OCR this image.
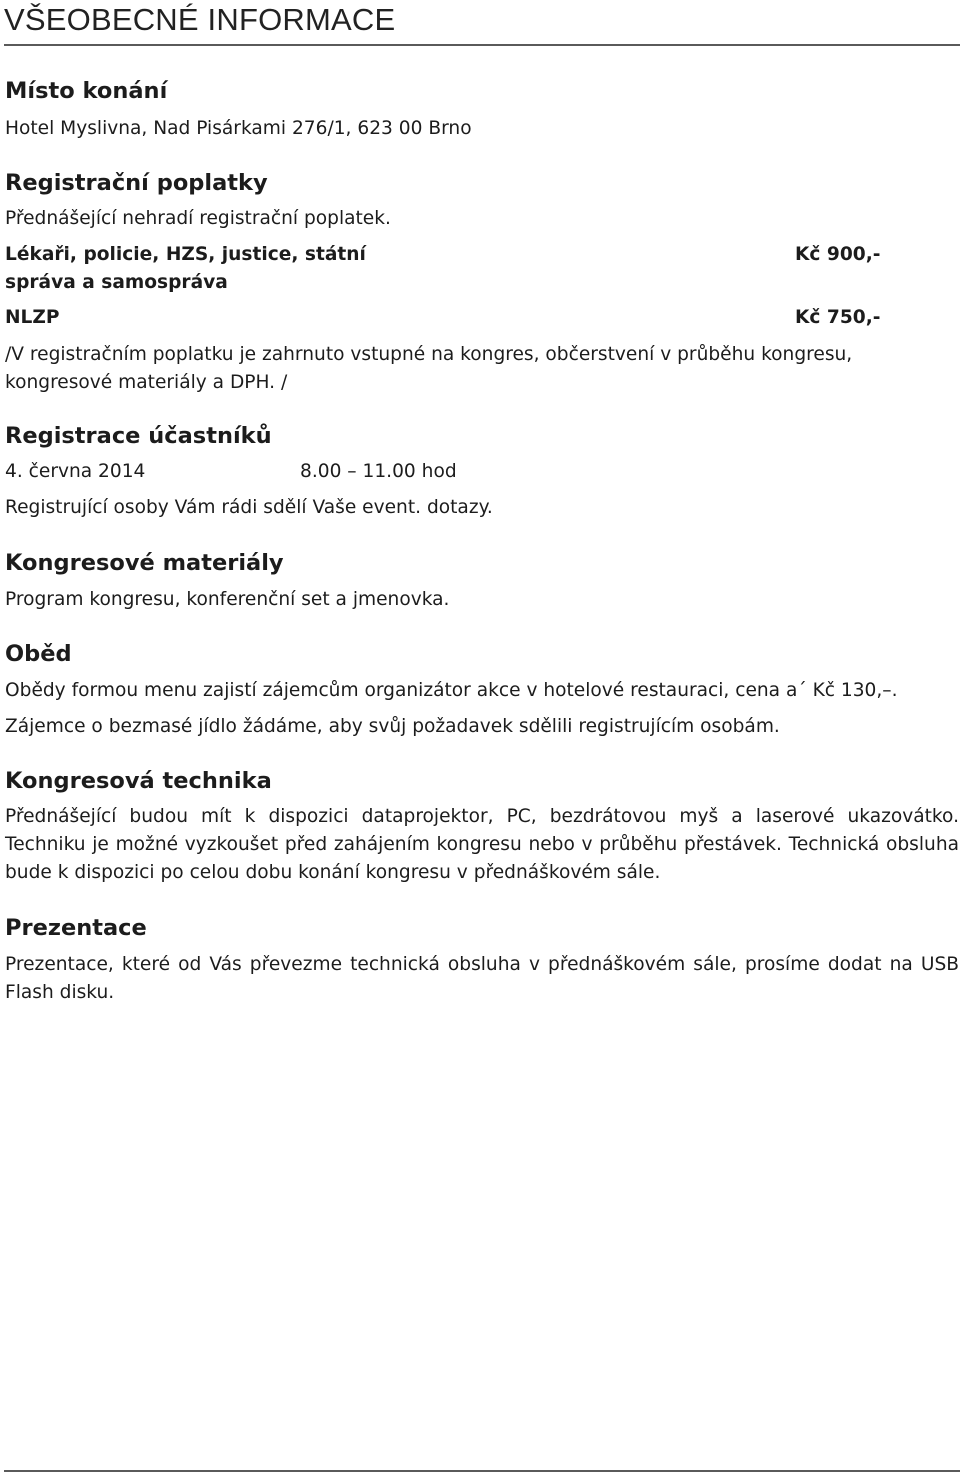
VŠEOBECNÉ INFORMACE
Místo konání
Hotel Myslivna, Nad Pisárkami 276/1, 623 00 Brno
Registrační poplatky
Přednášející nehradí registrační poplatek.
Lékaři, policie, HZS, justice, státní
správa a samospráva
Kč 900,-
NLZP	Kč 750,-
/V registračním poplatku je zahrnuto vstupné na kongres, občerstvení v průběhu kongresu,
kongresové materiály a DPH. /
Registrace účastníků
4. června 2014	8.00 – 11.00 hod
Registrující osoby Vám rádi sdělí Vaše event. dotazy.
Kongresové materiály
Program kongresu, konferenční set a jmenovka.
Oběd
Obědy formou menu zajistí zájemcům organizátor akce v hotelové restauraci, cena a´ Kč 130,–.
Zájemce o bezmasé jídlo žádáme, aby svůj požadavek sdělili registrujícím osobám.
Kongresová technika
Přednášející budou mít k dispozici dataprojektor, PC, bezdrátovou myš a laserové ukazovátko. Techniku je možné vyzkoušet před zahájením kongresu nebo v průběhu přestávek. Technická obsluha bude k dispozici po celou dobu konání kongresu v přednáškovém sále.
Prezentace
Prezentace, které od Vás převezme technická obsluha v přednáškovém sále, prosíme dodat na USB Flash disku.
